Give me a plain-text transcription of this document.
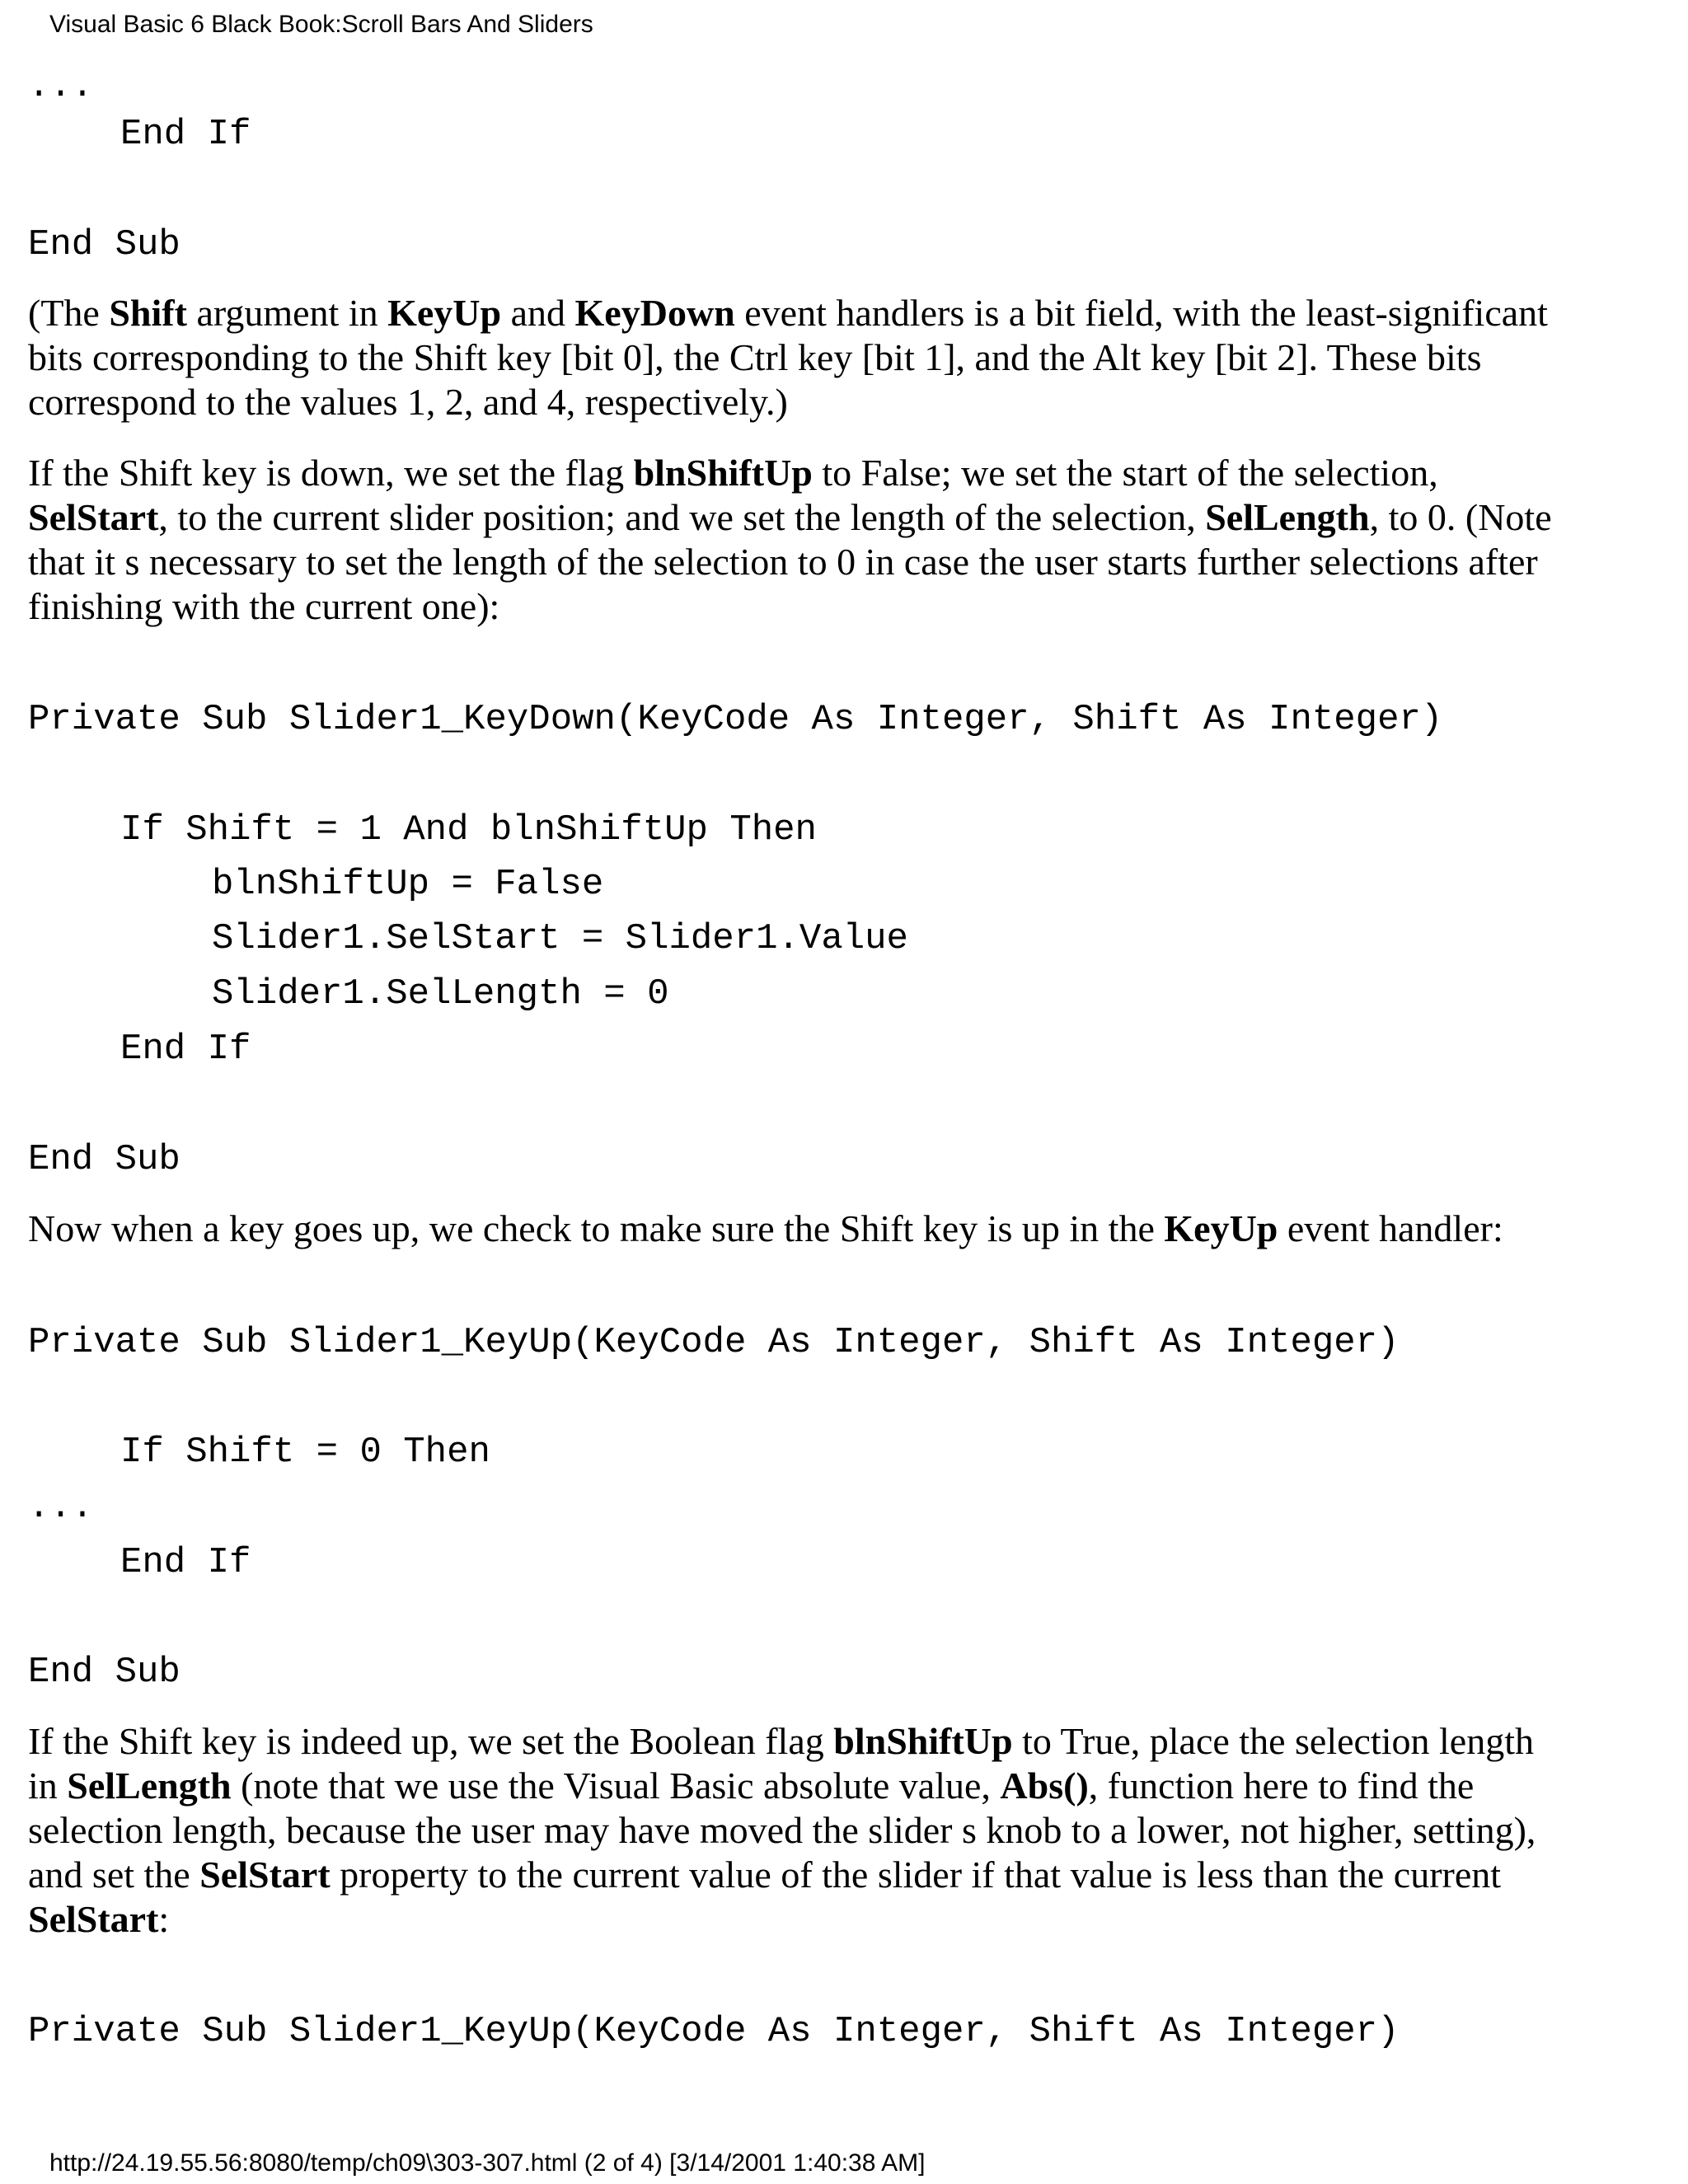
Visual Basic 6 Black Book:Scroll Bars And Sliders
...
End If
End Sub

(The Shift argument in KeyUp and KeyDown event handlers is a bit field, with the least-significant bits corresponding to the Shift key [bit 0], the Ctrl key [bit 1], and the Alt key [bit 2]. These bits correspond to the values 1, 2, and 4, respectively.)

If the Shift key is down, we set the flag blnShiftUp to False; we set the start of the selection, SelStart, to the current slider position; and we set the length of the selection, SelLength, to 0. (Note that it s necessary to set the length of the selection to 0 in case the user starts further selections after finishing with the current one):

Private Sub Slider1_KeyDown(KeyCode As Integer, Shift As Integer)
If Shift = 1 And blnShiftUp Then
blnShiftUp = False
Slider1.SelStart = Slider1.Value
Slider1.SelLength = 0
End If
End Sub

Now when a key goes up, we check to make sure the Shift key is up in the KeyUp event handler:

Private Sub Slider1_KeyUp(KeyCode As Integer, Shift As Integer)
If Shift = 0 Then
...
End If
End Sub

If the Shift key is indeed up, we set the Boolean flag blnShiftUp to True, place the selection length in SelLength (note that we use the Visual Basic absolute value, Abs(), function here to find the selection length, because the user may have moved the slider s knob to a lower, not higher, setting), and set the SelStart property to the current value of the slider if that value is less than the current SelStart:

Private Sub Slider1_KeyUp(KeyCode As Integer, Shift As Integer)
http://24.19.55.56:8080/temp/ch09\303-307.html (2 of 4) [3/14/2001 1:40:38 AM]
